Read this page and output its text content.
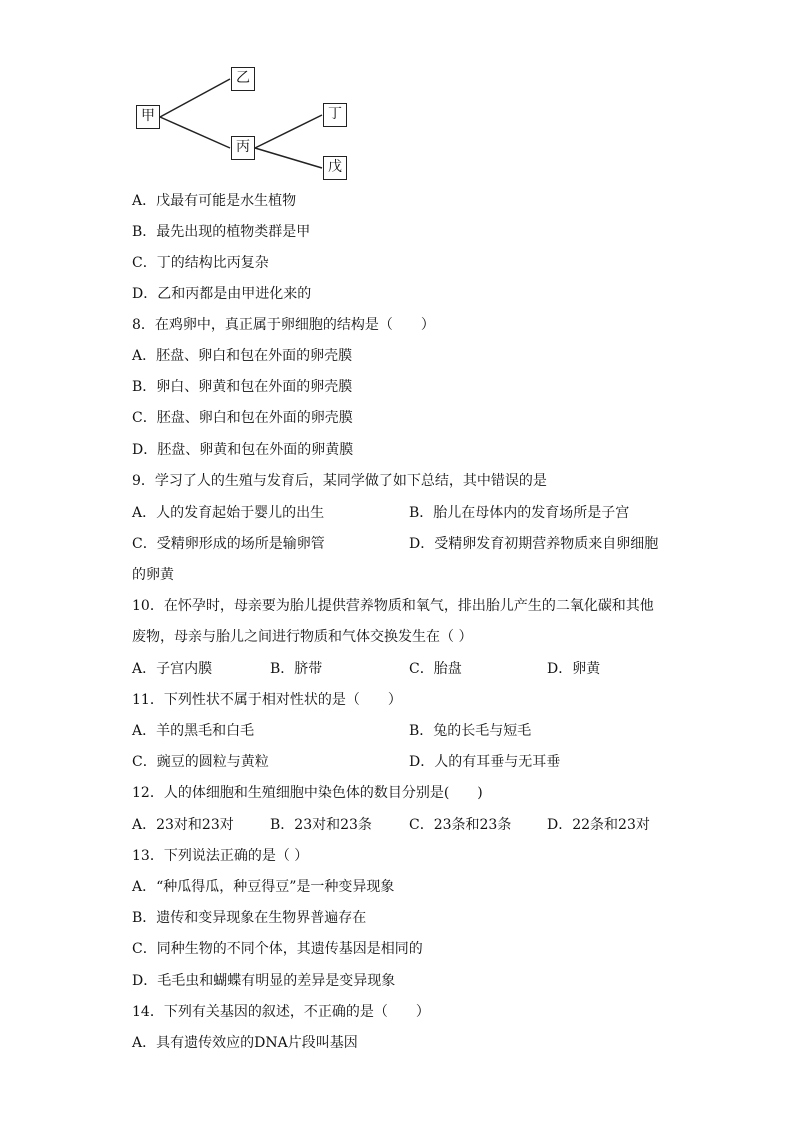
甲
乙
丙
丁
戊
A．戊最有可能是水生植物
B．最先出现的植物类群是甲
C．丁的结构比丙复杂
D．乙和丙都是由甲进化来的
8．在鸡卵中，真正属于卵细胞的结构是（　　）
A．胚盘、卵白和包在外面的卵壳膜
B．卵白、卵黄和包在外面的卵壳膜
C．胚盘、卵白和包在外面的卵壳膜
D．胚盘、卵黄和包在外面的卵黄膜
9．学习了人的生殖与发育后，某同学做了如下总结，其中错误的是
A．人的发育起始于婴儿的出生	B．胎儿在母体内的发育场所是子宫
C．受精卵形成的场所是输卵管	D．受精卵发育初期营养物质来自卵细胞
的卵黄
10．在怀孕时，母亲要为胎儿提供营养物质和氧气，排出胎儿产生的二氧化碳和其他
废物，母亲与胎儿之间进行物质和气体交换发生在（ ）
A．子宫内膜	B．脐带	C．胎盘	D．卵黄
11．下列性状不属于相对性状的是（　　）
A．羊的黑毛和白毛	B．兔的长毛与短毛
C．豌豆的圆粒与黄粒	D．人的有耳垂与无耳垂
12．人的体细胞和生殖细胞中染色体的数目分别是(　　)
A．23对和23对	B．23对和23条	C．23条和23条	D．22条和23对
13．下列说法正确的是（ ）
A．“种瓜得瓜，种豆得豆”是一种变异现象
B．遗传和变异现象在生物界普遍存在
C．同种生物的不同个体，其遗传基因是相同的
D．毛毛虫和蝴蝶有明显的差异是变异现象
14．下列有关基因的叙述，不正确的是（　　）
A．具有遗传效应的DNA片段叫基因
